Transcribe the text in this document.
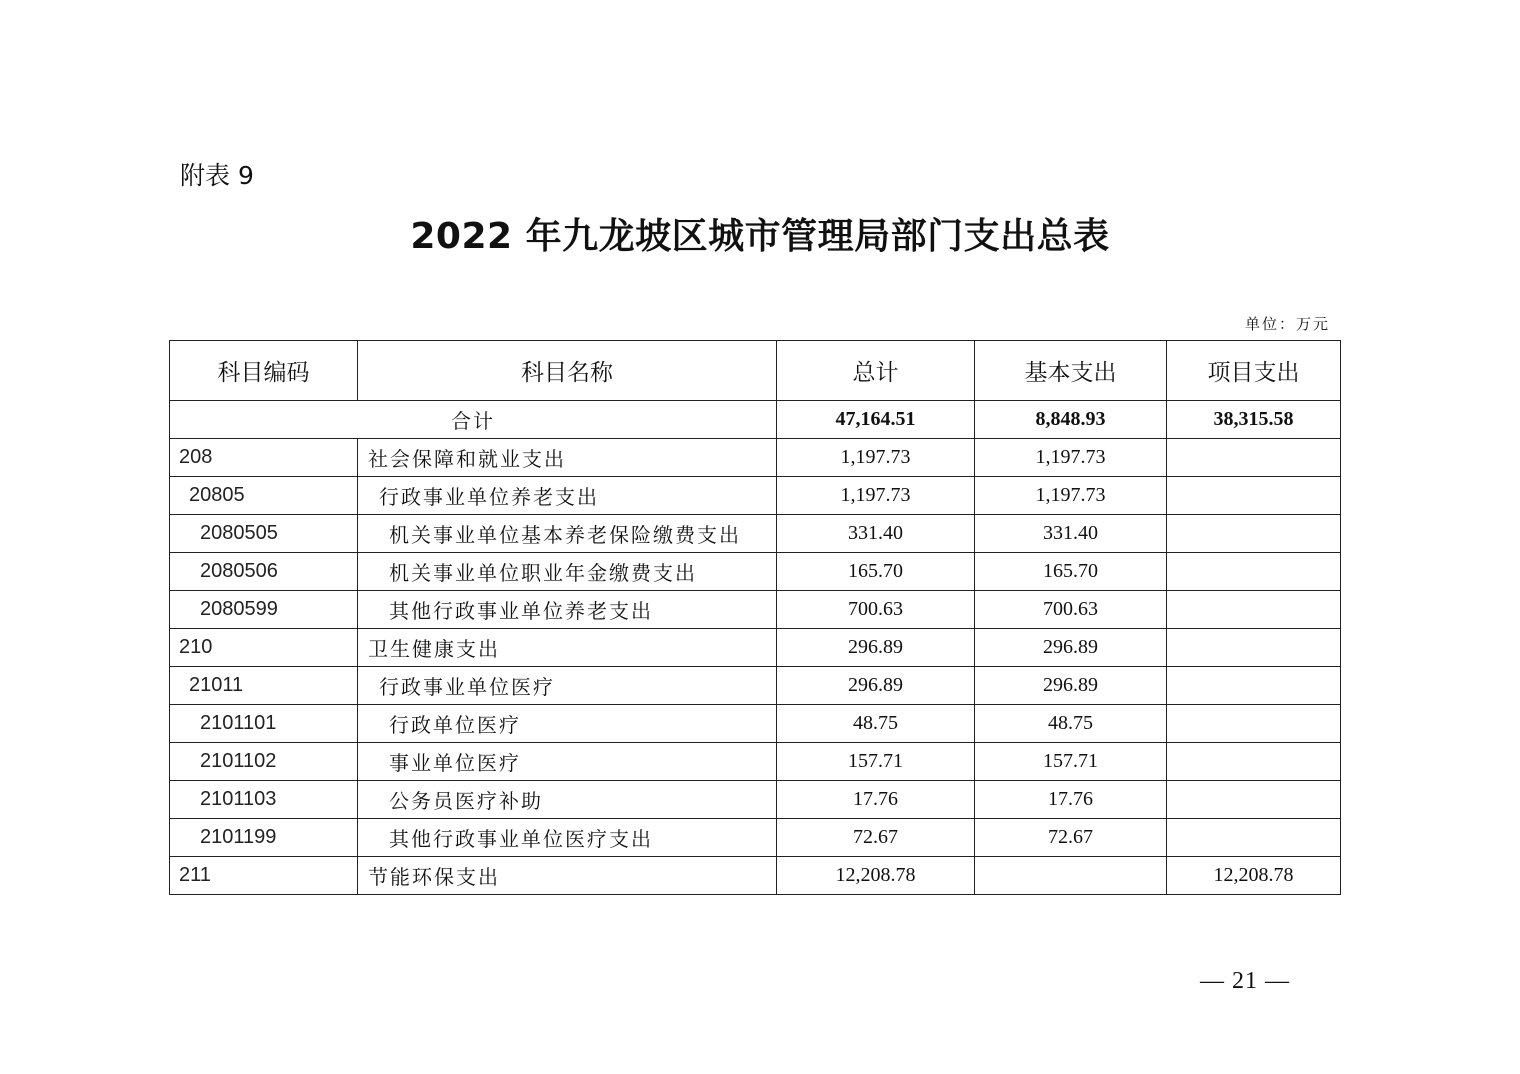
附表 9
2022 年九龙坡区城市管理局部门支出总表
单位：万元
科目编码	科目名称	总计	基本支出	项目支出
合计		47,164.51	8,848.93	38,315.58
208	社会保障和就业支出	1,197.73	1,197.73	
20805	行政事业单位养老支出	1,197.73	1,197.73	
2080505	机关事业单位基本养老保险缴费支出	331.40	331.40	
2080506	机关事业单位职业年金缴费支出	165.70	165.70	
2080599	其他行政事业单位养老支出	700.63	700.63	
210	卫生健康支出	296.89	296.89	
21011	行政事业单位医疗	296.89	296.89	
2101101	行政单位医疗	48.75	48.75	
2101102	事业单位医疗	157.71	157.71	
2101103	公务员医疗补助	17.76	17.76	
2101199	其他行政事业单位医疗支出	72.67	72.67	
211	节能环保支出	12,208.78		12,208.78
— 21 —
